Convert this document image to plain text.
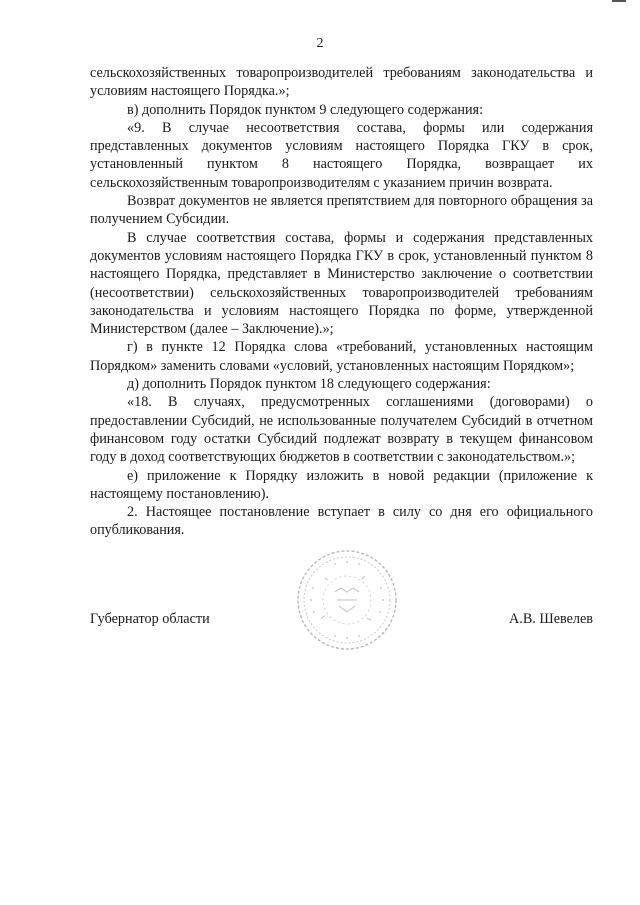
2

сельскохозяйственных товаропроизводителей требованиям законодательства и условиям настоящего Порядка.»;

в) дополнить Порядок пунктом 9 следующего содержания:

«9. В случае несоответствия состава, формы или содержания представленных документов условиям настоящего Порядка ГКУ в срок, установленный пунктом 8 настоящего Порядка, возвращает их сельскохозяйственным товаропроизводителям с указанием причин возврата.

Возврат документов не является препятствием для повторного обращения за получением Субсидии.

В случае соответствия состава, формы и содержания представленных документов условиям настоящего Порядка ГКУ в срок, установленный пунктом 8 настоящего Порядка, представляет в Министерство заключение о соответствии (несоответствии) сельскохозяйственных товаропроизводителей требованиям законодательства и условиям настоящего Порядка по форме, утвержденной Министерством (далее – Заключение).»;

г) в пункте 12 Порядка слова «требований, установленных настоящим Порядком» заменить словами «условий, установленных настоящим Порядком»;

д) дополнить Порядок пунктом 18 следующего содержания:

«18. В случаях, предусмотренных соглашениями (договорами) о предоставлении Субсидий, не использованные получателем Субсидий в отчетном финансовом году остатки Субсидий подлежат возврату в текущем финансовом году в доход соответствующих бюджетов в соответствии с законодательством.»;

е) приложение к Порядку изложить в новой редакции (приложение к настоящему постановлению).

2. Настоящее постановление вступает в силу со дня его официального опубликования.

Губернатор области	А.В. Шевелев
